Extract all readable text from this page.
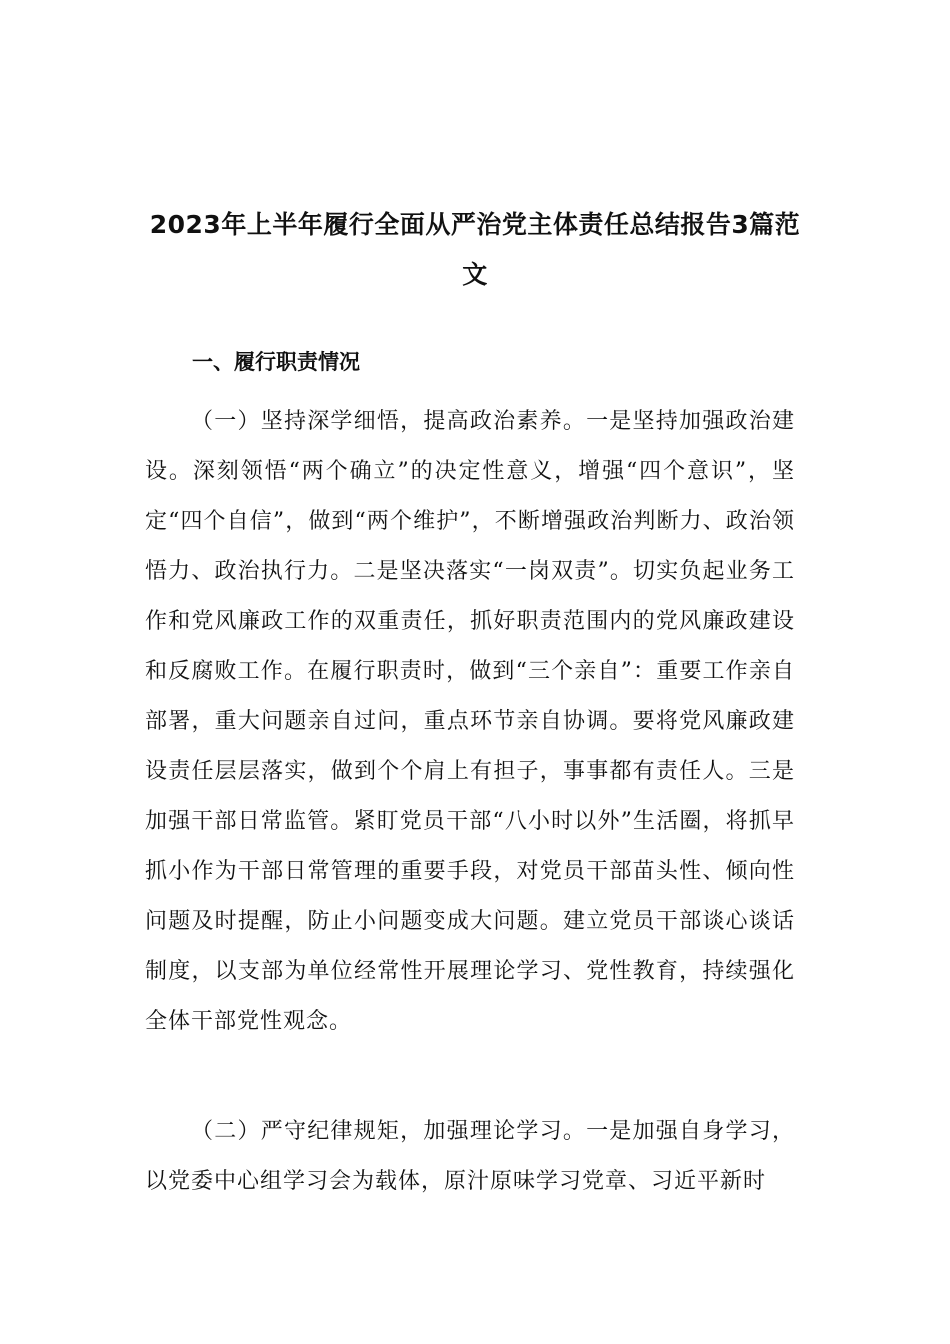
2023年上半年履行全面从严治党主体责任总结报告3篇范文
一、履行职责情况

（一）坚持深学细悟，提高政治素养。一是坚持加强政治建设。深刻领悟“两个确立”的决定性意义，增强“四个意识”，坚定“四个自信”，做到“两个维护”，不断增强政治判断力、政治领悟力、政治执行力。二是坚决落实“一岗双责”。切实负起业务工作和党风廉政工作的双重责任，抓好职责范围内的党风廉政建设和反腐败工作。在履行职责时，做到“三个亲自”：重要工作亲自部署，重大问题亲自过问，重点环节亲自协调。要将党风廉政建设责任层层落实，做到个个肩上有担子，事事都有责任人。三是加强干部日常监管。紧盯党员干部“八小时以外”生活圈，将抓早抓小作为干部日常管理的重要手段，对党员干部苗头性、倾向性问题及时提醒，防止小问题变成大问题。建立党员干部谈心谈话制度，以支部为单位经常性开展理论学习、党性教育，持续强化全体干部党性观念。

（二）严守纪律规矩，加强理论学习。一是加强自身学习，以党委中心组学习会为载体，原汁原味学习党章、习近平新时
